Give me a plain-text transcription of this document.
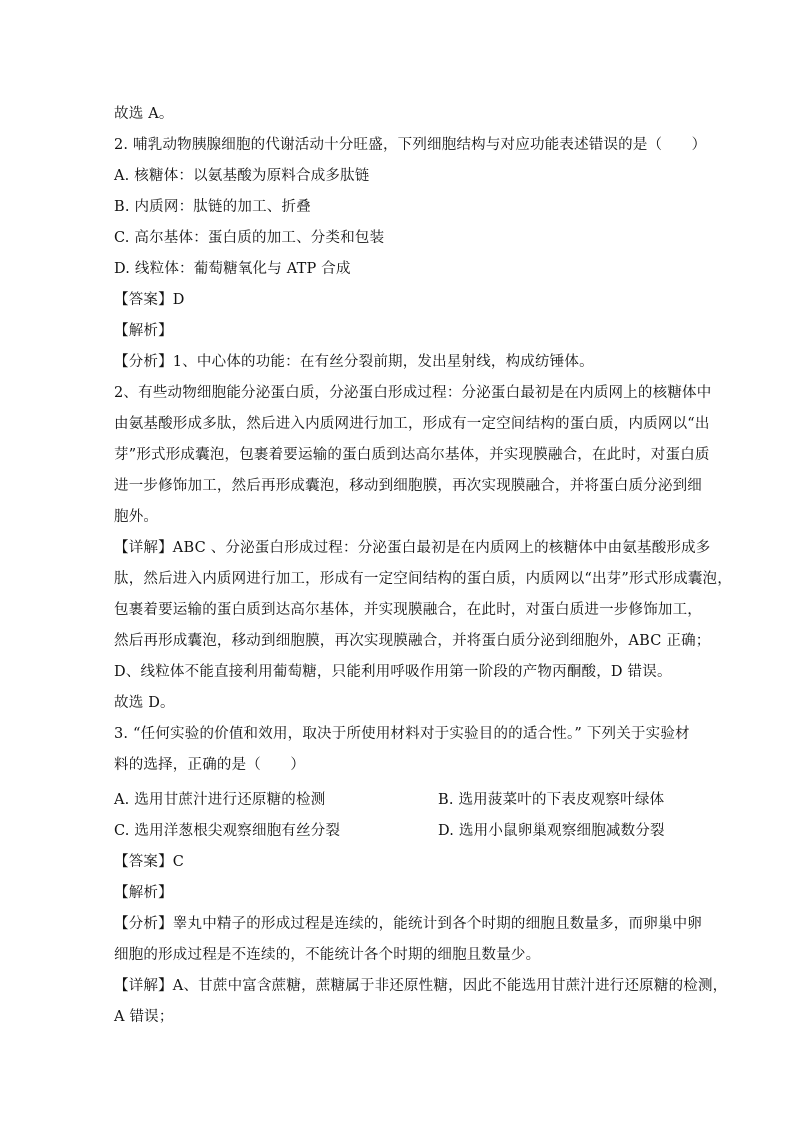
故选 A。
2. 哺乳动物胰腺细胞的代谢活动十分旺盛，下列细胞结构与对应功能表述错误的是（　　）
A. 核糖体：以氨基酸为原料合成多肽链
B. 内质网：肽链的加工、折叠
C. 高尔基体：蛋白质的加工、分类和包装
D. 线粒体：葡萄糖氧化与 ATP 合成
【答案】D
【解析】
【分析】1、中心体的功能：在有丝分裂前期，发出星射线，构成纺锤体。
2、有些动物细胞能分泌蛋白质，分泌蛋白形成过程：分泌蛋白最初是在内质网上的核糖体中
由氨基酸形成多肽，然后进入内质网进行加工，形成有一定空间结构的蛋白质，内质网以“出
芽”形式形成囊泡，包裹着要运输的蛋白质到达高尔基体，并实现膜融合，在此时，对蛋白质
进一步修饰加工，然后再形成囊泡，移动到细胞膜，再次实现膜融合，并将蛋白质分泌到细
胞外。
【详解】ABC 、分泌蛋白形成过程：分泌蛋白最初是在内质网上的核糖体中由氨基酸形成多
肽，然后进入内质网进行加工，形成有一定空间结构的蛋白质，内质网以“出芽”形式形成囊泡，
包裹着要运输的蛋白质到达高尔基体，并实现膜融合，在此时，对蛋白质进一步修饰加工，
然后再形成囊泡，移动到细胞膜，再次实现膜融合，并将蛋白质分泌到细胞外，ABC 正确；
D、线粒体不能直接利用葡萄糖，只能利用呼吸作用第一阶段的产物丙酮酸，D 错误。
故选 D。
3. “任何实验的价值和效用，取决于所使用材料对于实验目的的适合性。” 下列关于实验材
料的选择，正确的是（　　）
A. 选用甘蔗汁进行还原糖的检测	B. 选用菠菜叶的下表皮观察叶绿体
C. 选用洋葱根尖观察细胞有丝分裂	D. 选用小鼠卵巢观察细胞减数分裂
【答案】C
【解析】
【分析】睾丸中精子的形成过程是连续的，能统计到各个时期的细胞且数量多，而卵巢中卵
细胞的形成过程是不连续的，不能统计各个时期的细胞且数量少。
【详解】A、甘蔗中富含蔗糖，蔗糖属于非还原性糖，因此不能选用甘蔗汁进行还原糖的检测，
A 错误；
